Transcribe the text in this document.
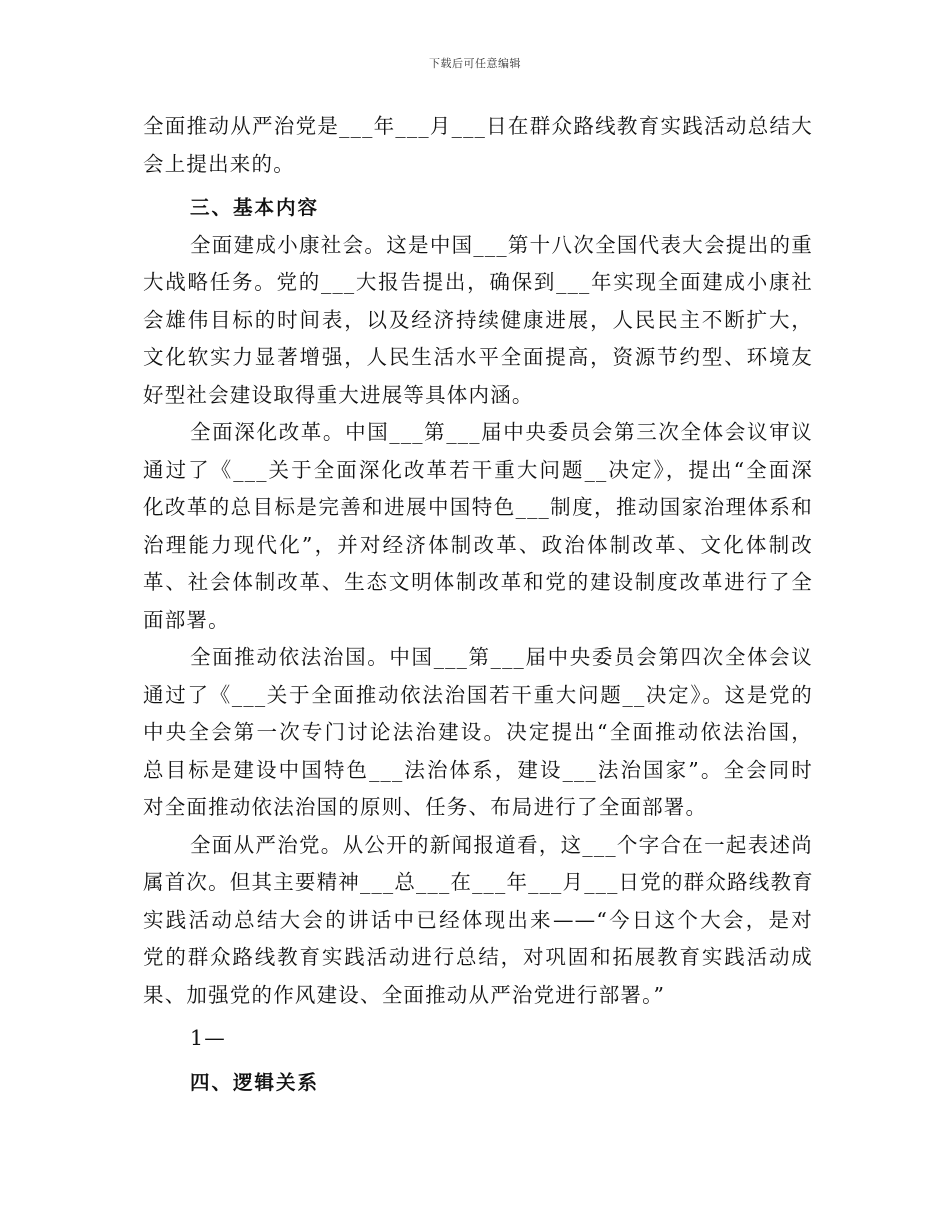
下载后可任意编辑
全面推动从严治党是___年___月___日在群众路线教育实践活动总结大
会上提出来的。
三、基本内容
全面建成小康社会。这是中国___第十八次全国代表大会提出的重
大战略任务。党的___大报告提出，确保到___年实现全面建成小康社
会雄伟目标的时间表，以及经济持续健康进展，人民民主不断扩大，
文化软实力显著增强，人民生活水平全面提高，资源节约型、环境友
好型社会建设取得重大进展等具体内涵。
全面深化改革。中国___第___届中央委员会第三次全体会议审议
通过了《___关于全面深化改革若干重大问题__决定》，提出“全面深
化改革的总目标是完善和进展中国特色___制度，推动国家治理体系和
治理能力现代化”，并对经济体制改革、政治体制改革、文化体制改
革、社会体制改革、生态文明体制改革和党的建设制度改革进行了全
面部署。
全面推动依法治国。中国___第___届中央委员会第四次全体会议
通过了《___关于全面推动依法治国若干重大问题__决定》。这是党的
中央全会第一次专门讨论法治建设。决定提出“全面推动依法治国，
总目标是建设中国特色___法治体系，建设___法治国家”。全会同时
对全面推动依法治国的原则、任务、布局进行了全面部署。
全面从严治党。从公开的新闻报道看，这___个字合在一起表述尚
属首次。但其主要精神___总___在___年___月___日党的群众路线教育
实践活动总结大会的讲话中已经体现出来——“今日这个大会，是对
党的群众路线教育实践活动进行总结，对巩固和拓展教育实践活动成
果、加强党的作风建设、全面推动从严治党进行部署。”
1—
四、逻辑关系
